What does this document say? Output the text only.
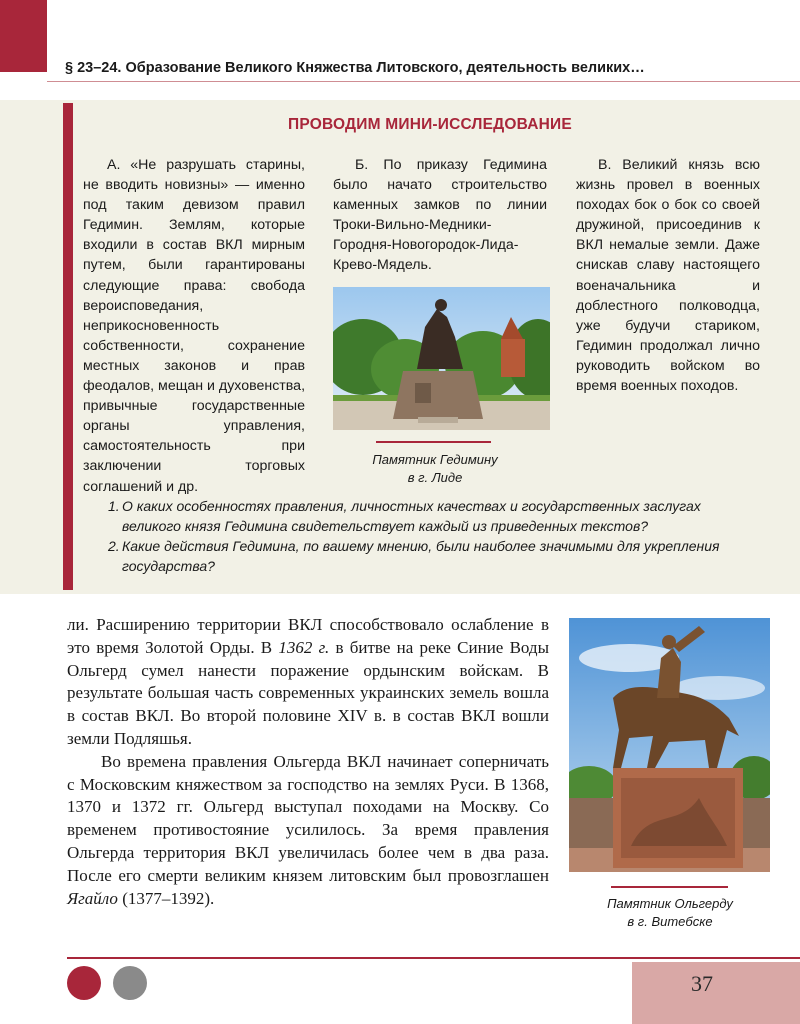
§ 23–24. Образование Великого Княжества Литовского, деятельность великих…
ПРОВОДИМ МИНИ-ИССЛЕДОВАНИЕ
А. «Не разрушать старины, не вводить новизны» — именно под таким девизом правил Гедимин. Землям, которые входили в состав ВКЛ мирным путем, были гарантированы следующие права: свобода вероисповедания, неприкосновенность собственности, сохранение местных законов и прав феодалов, мещан и духовенства, привычные государственные органы управления, самостоятельность при заключении торговых соглашений и др.
Б. По приказу Гедимина было начато строительство каменных замков по линии Троки-Вильно-Медники-Городня-Новогородок-Лида-Крево-Мядель.
В. Великий князь всю жизнь провел в военных походах бок о бок со своей дружиной, присоединив к ВКЛ немалые земли. Даже снискав славу настоящего военачальника и доблестного полководца, уже будучи стариком, Гедимин продолжал лично руководить войском во время военных походов.
Памятник Гедимину
в г. Лиде
1. О каких особенностях правления, личностных качествах и государственных заслугах великого князя Гедимина свидетельствует каждый из приведенных текстов?
2. Какие действия Гедимина, по вашему мнению, были наиболее значимыми для укрепления государства?

ли. Расширению территории ВКЛ способствовало ослабление в это время Золотой Орды. В 1362 г. в битве на реке Синие Воды Ольгерд сумел нанести поражение ордынским войскам. В результате большая часть современных украинских земель вошла в состав ВКЛ. Во второй половине XIV в. в состав ВКЛ вошли земли Подляшья.

Во времена правления Ольгерда ВКЛ начинает соперничать с Московским княжеством за господство на землях Руси. В 1368, 1370 и 1372 гг. Ольгерд выступал походами на Москву. Со временем противостояние усилилось. За время правления Ольгерда территория ВКЛ увеличилась более чем в два раза. После его смерти великим князем литовским был провозглашен Ягайло (1377–1392).	Памятник Ольгерду
в г. Витебске
37
